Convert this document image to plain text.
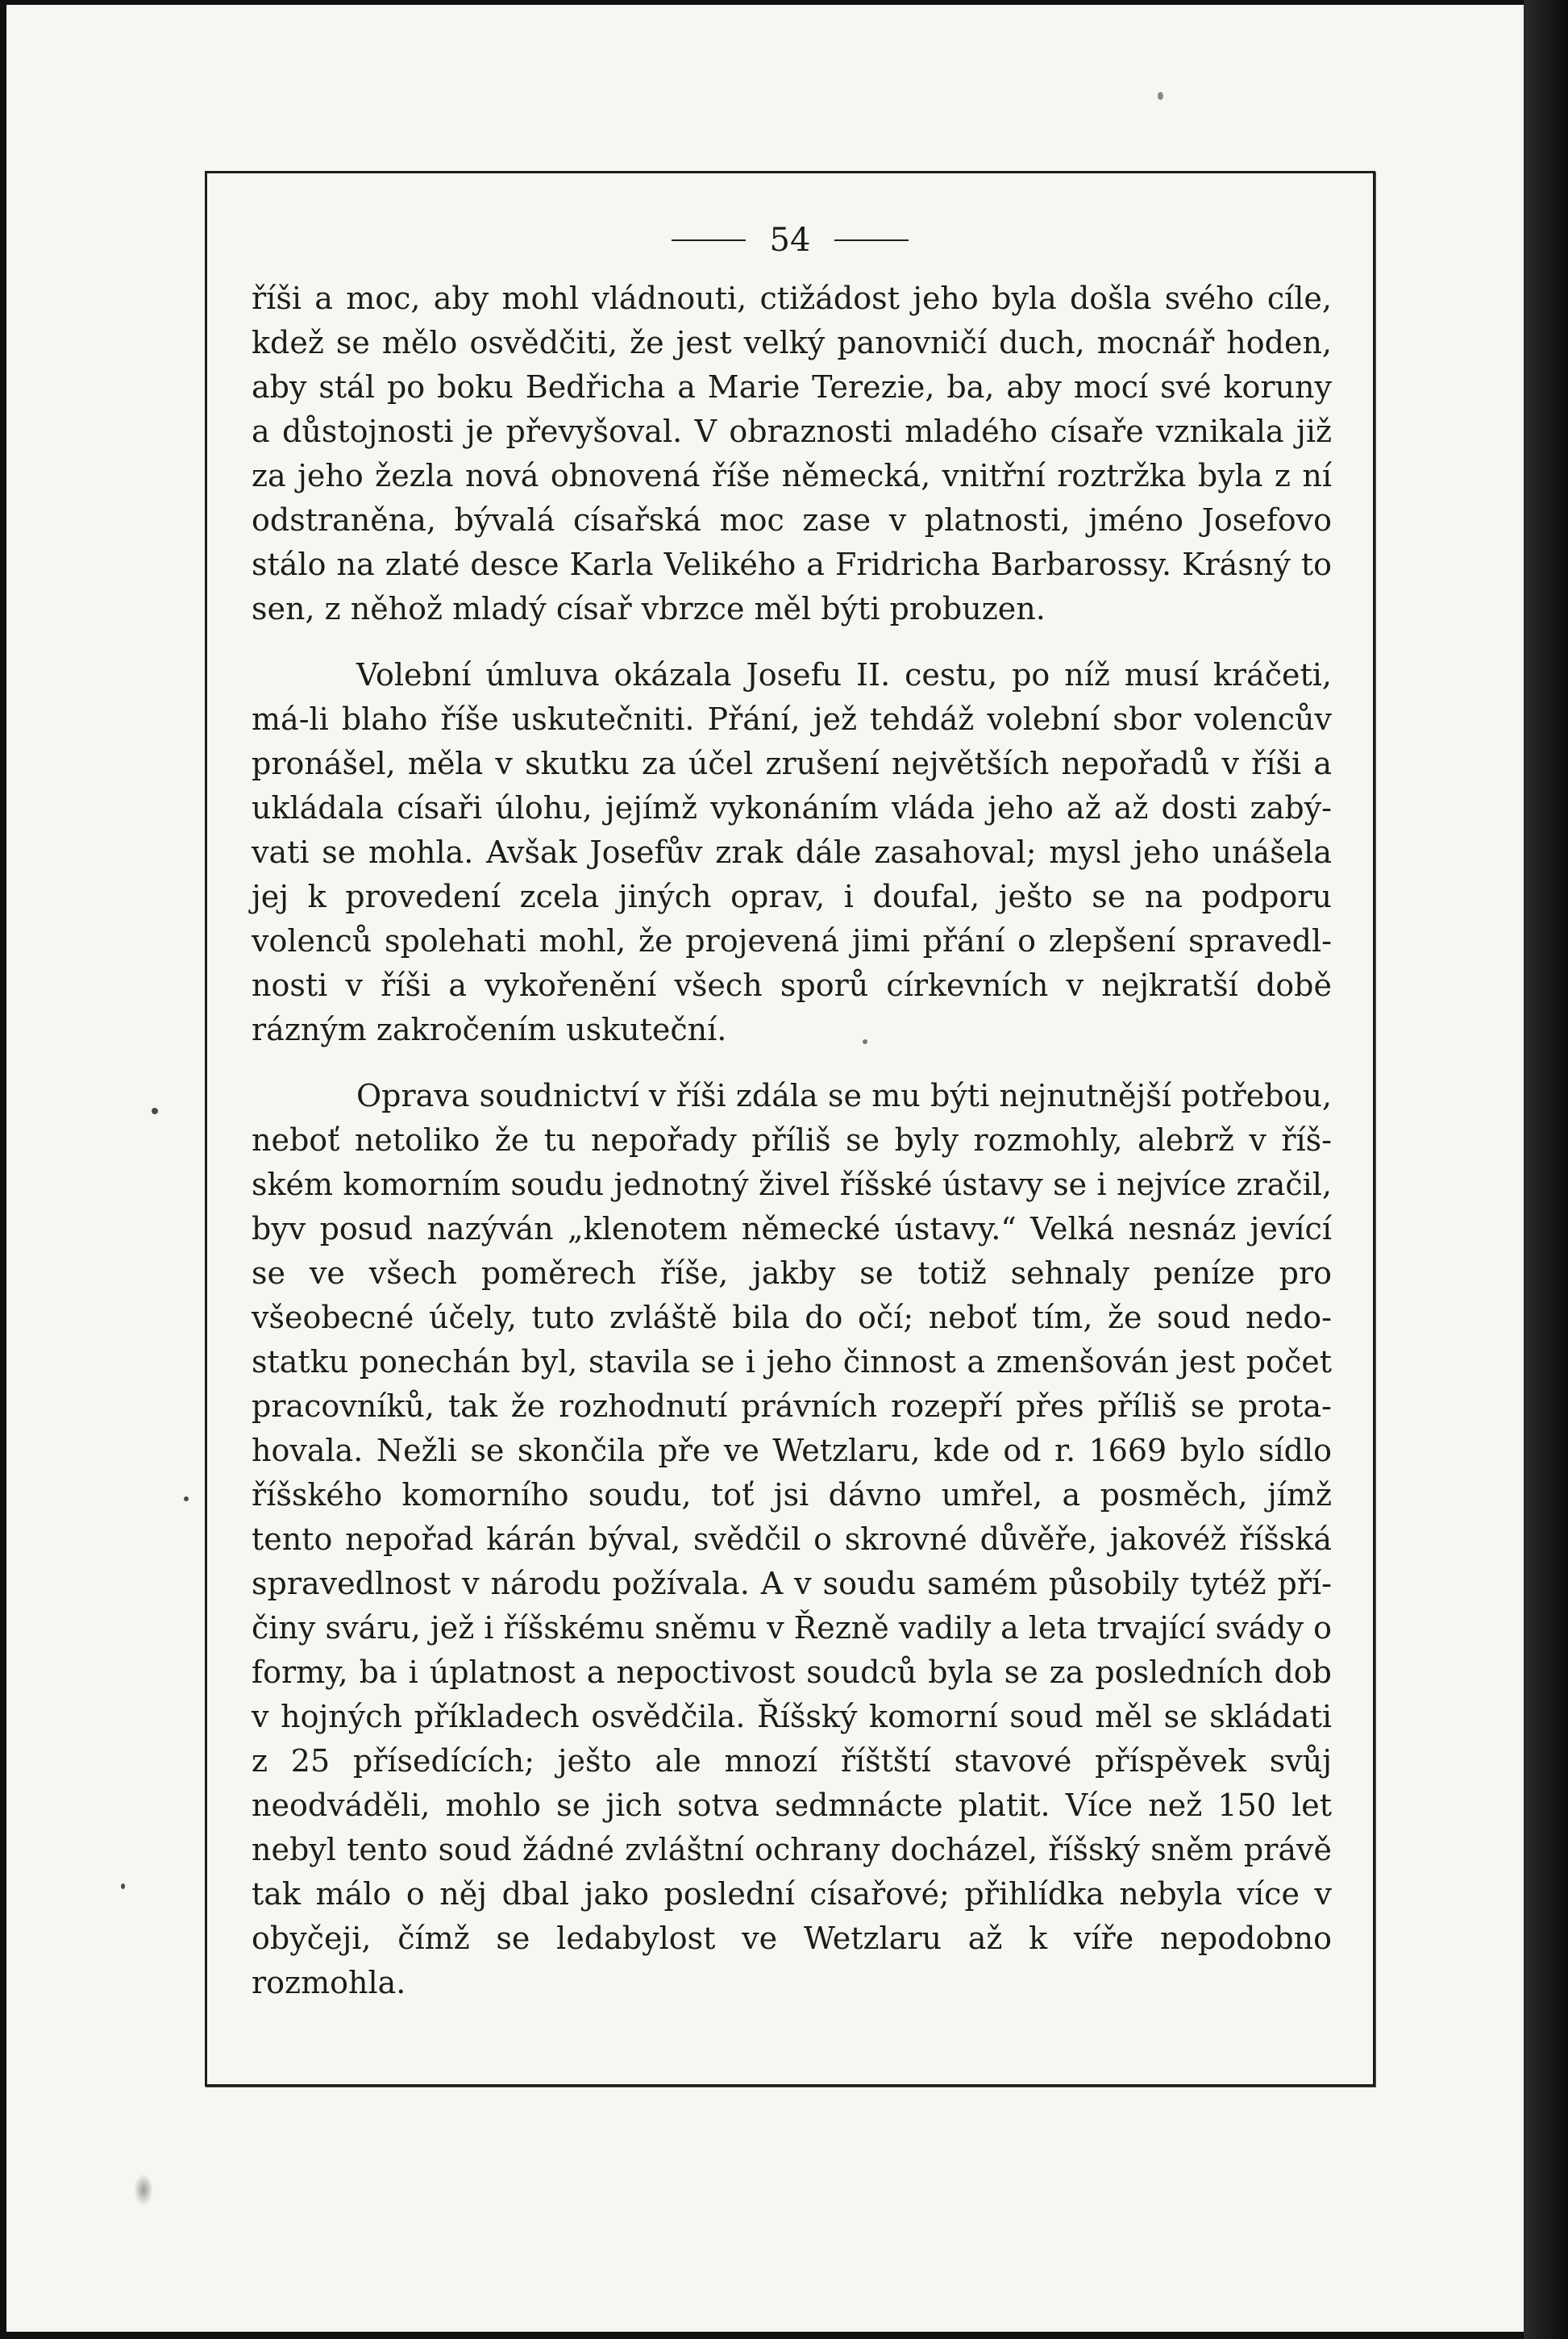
54

říši a moc, aby mohl vládnouti, ctižádost jeho byla došla svého cíle, kdež se mělo osvědčiti, že jest velký panovničí duch, mocnář hoden, aby stál po boku Bedřicha a Marie Terezie, ba, aby mocí své koruny a důstojnosti je převyšoval. V obraznosti mladého císaře vznikala již za jeho žezla nová obnovená říše německá, vnitřní roztržka byla z ní odstraněna, bývalá císařská moc zase v platnosti, jméno Josefovo stálo na zlaté desce Karla Velikého a Fridricha Barbarossy. Krásný to sen, z něhož mladý císař vbrzce měl býti probuzen.

Volební úmluva okázala Josefu II. cestu, po níž musí kráčeti, má-li blaho říše uskutečniti. Přání, jež tehdáž volební sbor volencův pronášel, měla v skutku za účel zrušení největších nepořadů v říši a ukládala císaři úlohu, jejímž vykonáním vláda jeho až až dosti zabývati se mohla. Avšak Josefův zrak dále zasahoval; mysl jeho unášela jej k provedení zcela jiných oprav, i doufal, ješto se na podporu volenců spolehati mohl, že projevená jimi přání o zlepšení spravedlnosti v říši a vykořenění všech sporů církevních v nejkratší době rázným zakročením uskuteční.

Oprava soudnictví v říši zdála se mu býti nejnutnější potřebou, neboť netoliko že tu nepořady příliš se byly rozmohly, alebrž v říšském komorním soudu jednotný živel říšské ústavy se i nejvíce zračil, byv posud nazýván „klenotem německé ústavy.“ Velká nesnáz jevící se ve všech poměrech říše, jakby se totiž sehnaly peníze pro všeobecné účely, tuto zvláště bila do očí; neboť tím, že soud nedostatku ponechán byl, stavila se i jeho činnost a zmenšován jest počet pracovníků, tak že rozhodnutí právních rozepří přes příliš se protahovala. Nežli se skončila pře ve Wetzlaru, kde od r. 1669 bylo sídlo říšského komorního soudu, toť jsi dávno umřel, a posměch, jímž tento nepořad kárán býval, svědčil o skrovné důvěře, jakovéž říšská spravedlnost v národu požívala. A v soudu samém působily tytéž příčiny sváru, jež i říšskému sněmu v Řezně vadily a leta trvající svády o formy, ba i úplatnost a nepoctivost soudců byla se za posledních dob v hojných příkladech osvědčila. Říšský komorní soud měl se skládati z 25 přísedících; ješto ale mnozí říštští stavové příspěvek svůj neodváděli, mohlo se jich sotva sedmnácte platit. Více než 150 let nebyl tento soud žádné zvláštní ochrany docházel, říšský sněm právě tak málo o něj dbal jako poslední císařové; přihlídka nebyla více v obyčeji, čímž se ledabylost ve Wetzlaru až k víře nepodobno rozmohla.
